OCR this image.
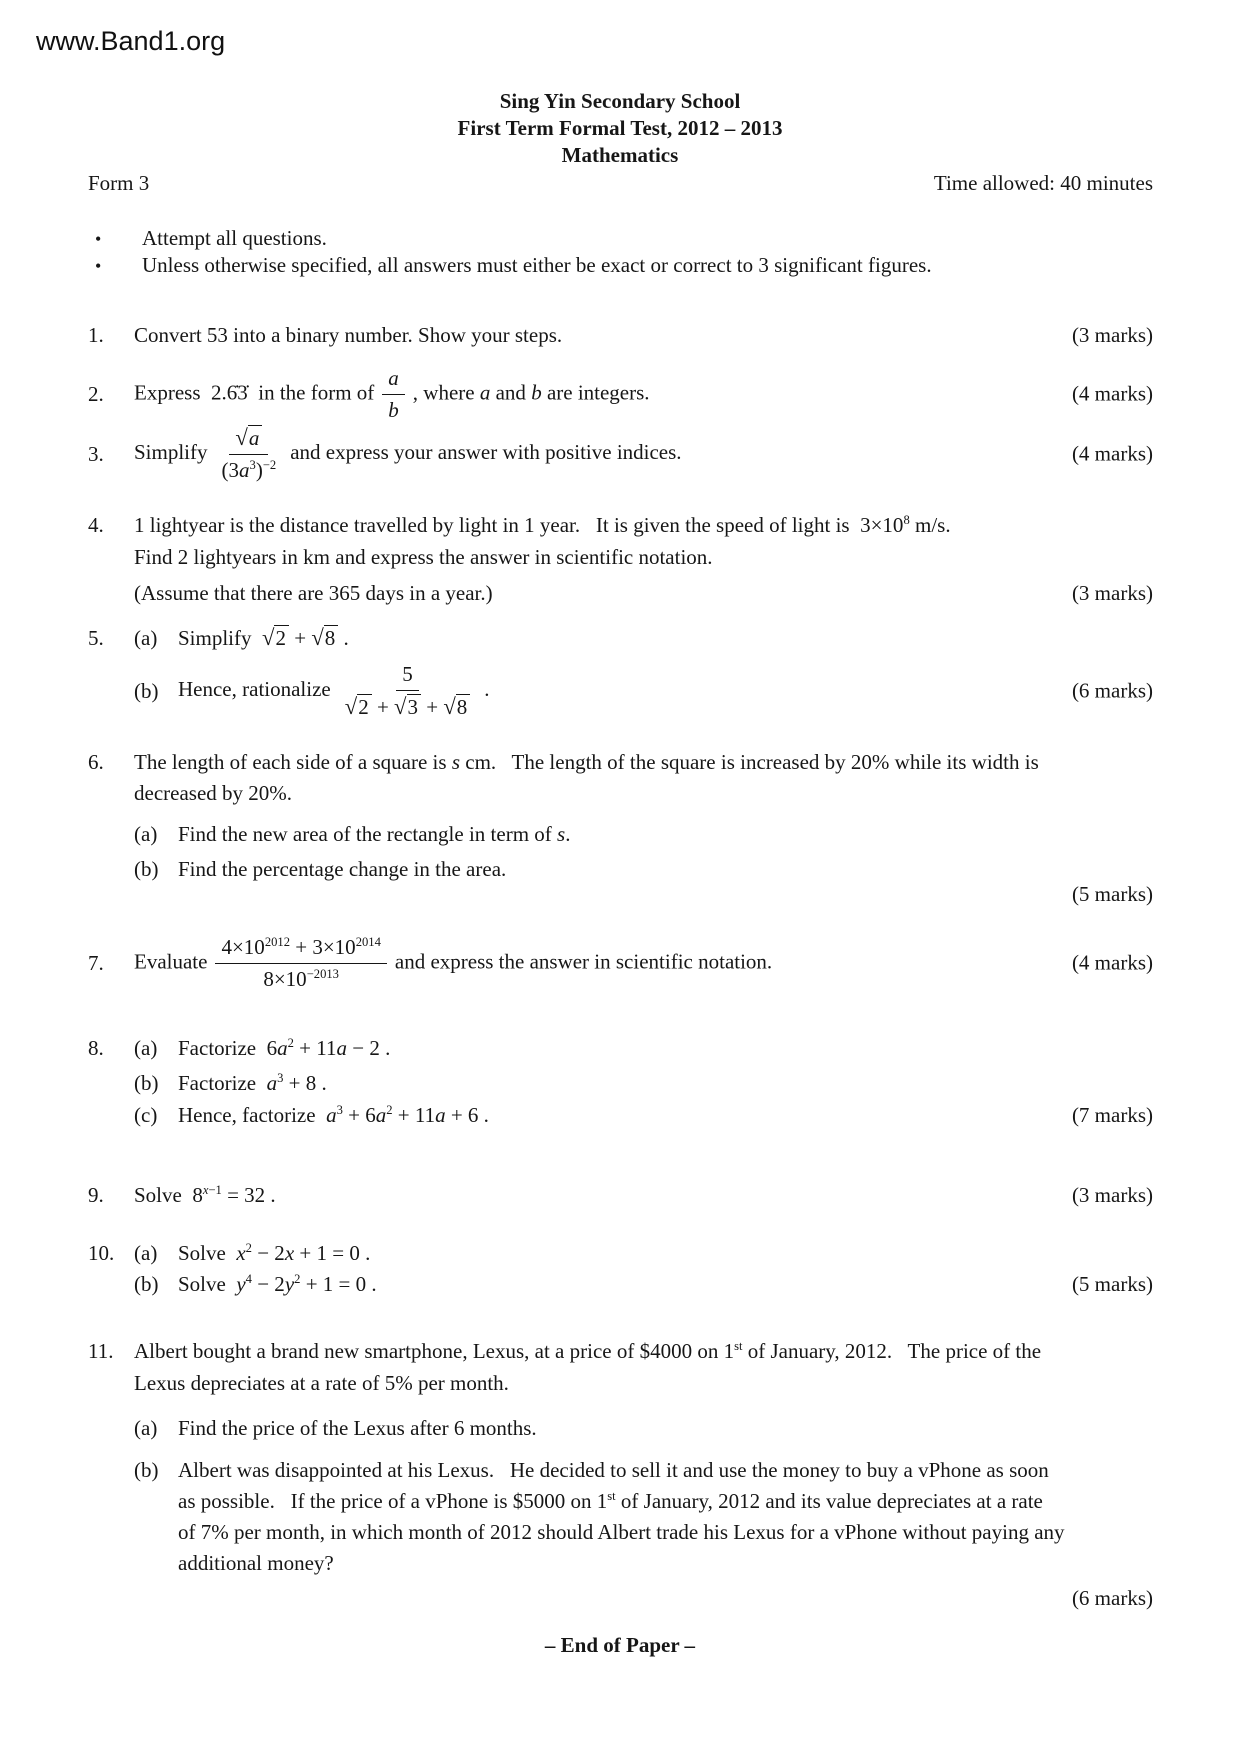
www.Band1.org
Sing Yin Secondary School
First Term Formal Test, 2012 – 2013
Mathematics
Form 3	Time allowed: 40 minutes
• Attempt all questions.
• Unless otherwise specified, all answers must either be exact or correct to 3 significant figures.
1. Convert 53 into a binary number. Show your steps.	(3 marks)
2.	Express  2.6̇3̇  in the form of $\frac{a}{b}$ , where a and b are integers.	(4 marks)
3.	Simplify $\frac{√a}{(3a^3)^{-2}}$ and express your answer with positive indices.	(4 marks)
4. 1 lightyear is the distance travelled by light in 1 year.   It is given the speed of light is  $3\times 10^8$ m/s.
Find 2 lightyears in km and express the answer in scientific notation.
(Assume that there are 365 days in a year.)	(3 marks)
5. (a) Simplify  √2 + √8 .
(b) Hence, rationalize $\frac{5}{√2 + √3 + √8}$ .	(6 marks)
6. The length of each side of a square is s cm.   The length of the square is increased by 20% while its width is
decreased by 20%.
(a) Find the new area of the rectangle in term of s.
(b) Find the percentage change in the area.
(5 marks)
7.	Evaluate $\frac{4\times 10^{2012} + 3\times 10^{2014}}{8\times 10^{-2013}}$ and express the answer in scientific notation.	(4 marks)
8. (a) Factorize  $6a^2 + 11a - 2$ .
(b) Factorize  $a^3 + 8$ .
(c) Hence, factorize  $a^3 + 6a^2 + 11a + 6$ .	(7 marks)
9. Solve  $8^{x-1} = 32$ .	(3 marks)
10. (a) Solve  $x^2 - 2x + 1 = 0$ .
(b) Solve  $y^4 - 2y^2 + 1 = 0$ .	(5 marks)
11. Albert bought a brand new smartphone, Lexus, at a price of $4000 on 1st of January, 2012.   The price of the
Lexus depreciates at a rate of 5% per month.
(a) Find the price of the Lexus after 6 months.
(b) Albert was disappointed at his Lexus.   He decided to sell it and use the money to buy a vPhone as soon
as possible.   If the price of a vPhone is $5000 on 1st of January, 2012 and its value depreciates at a rate
of 7% per month, in which month of 2012 should Albert trade his Lexus for a vPhone without paying any
additional money?
(6 marks)
– End of Paper –
